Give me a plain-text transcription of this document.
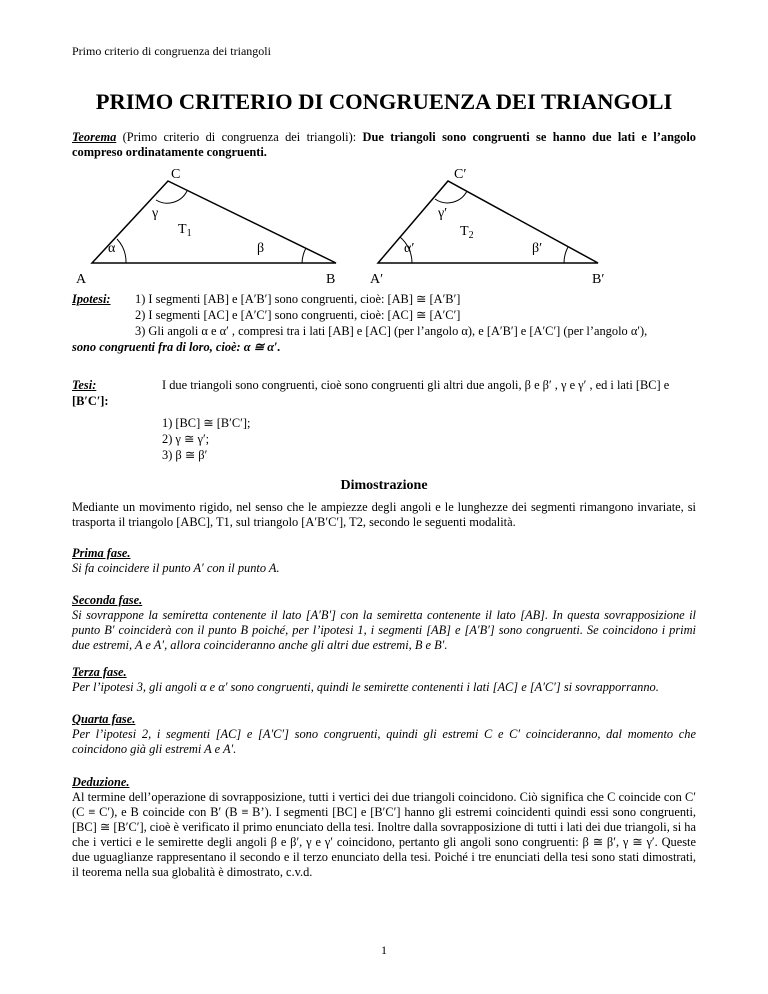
Primo criterio di congruenza dei triangoli
PRIMO CRITERIO DI CONGRUENZA DEI TRIANGOLI
Teorema (Primo criterio di congruenza dei triangoli): Due triangoli sono congruenti se hanno due lati e l’angolo compreso ordinatamente congruenti.
A	B
C
α	β
γ
$T_1$
A′	B′
C′
α′	β′
γ′
$T_2$
Ipotesi: 1) I segmenti [AB] e [A′B′] sono congruenti, cioè: [AB] ≅ [A′B′]
2) I segmenti [AC] e [A′C′] sono congruenti, cioè: [AC] ≅ [A′C′]
3) Gli angoli α e α′ , compresi tra i lati [AB] e [AC] (per l’angolo α), e [A′B′] e [A′C′] (per l’angolo α′),
sono congruenti fra di loro, cioè: α ≅ α′.
Tesi:
[B′C′]:
I due triangoli sono congruenti, cioè sono congruenti gli altri due angoli, β e β′ , γ e γ′ , ed i lati [BC] e
1) [BC] ≅ [B′C′];
2) γ ≅ γ′;
3) β ≅ β′
Dimostrazione
Mediante un movimento rigido, nel senso che le ampiezze degli angoli e le lunghezze dei segmenti rimangono invariate, si trasporta il triangolo [ABC], T1, sul triangolo [A′B′C′], T2, secondo le seguenti modalità.
Prima fase.
Si fa coincidere il punto A′ con il punto A.
Seconda fase.
Si sovrappone la semiretta contenente il lato [A′B′] con la semiretta contenente il lato [AB]. In questa sovrapposizione il punto B′ coinciderà con il punto B poiché, per l’ipotesi 1, i segmenti [AB] e [A′B′] sono congruenti. Se coincidono i primi due estremi, A e A′, allora coincideranno anche gli altri due estremi, B e B′.
Terza fase.
Per l’ipotesi 3, gli angoli α e α′ sono congruenti, quindi le semirette contenenti i lati [AC] e [A′C′] si sovrapporranno.
Quarta fase.
Per l’ipotesi 2, i segmenti [AC] e [A′C′] sono congruenti, quindi gli estremi C e C′ coincideranno, dal momento che coincidono già gli estremi A e A′.
Deduzione.
Al termine dell’operazione di sovrapposizione, tutti i vertici dei due triangoli coincidono. Ciò significa che C coincide con C′ (C ≡ C′), e B coincide con B′ (B ≡ B’). I segmenti [BC] e [B′C′] hanno gli estremi coincidenti quindi essi sono congruenti, [BC] ≅ [B′C′], cioè è verificato il primo enunciato della tesi. Inoltre dalla sovrapposizione di tutti i lati dei due triangoli, si ha che i vertici e le semirette degli angoli β e β′, γ e γ′ coincidono, pertanto gli angoli sono congruenti: β ≅ β′, γ ≅ γ′. Queste due uguaglianze rappresentano il secondo e il terzo enunciato della tesi. Poiché i tre enunciati della tesi sono stati dimostrati, il teorema nella sua globalità è dimostrato, c.v.d.
1
